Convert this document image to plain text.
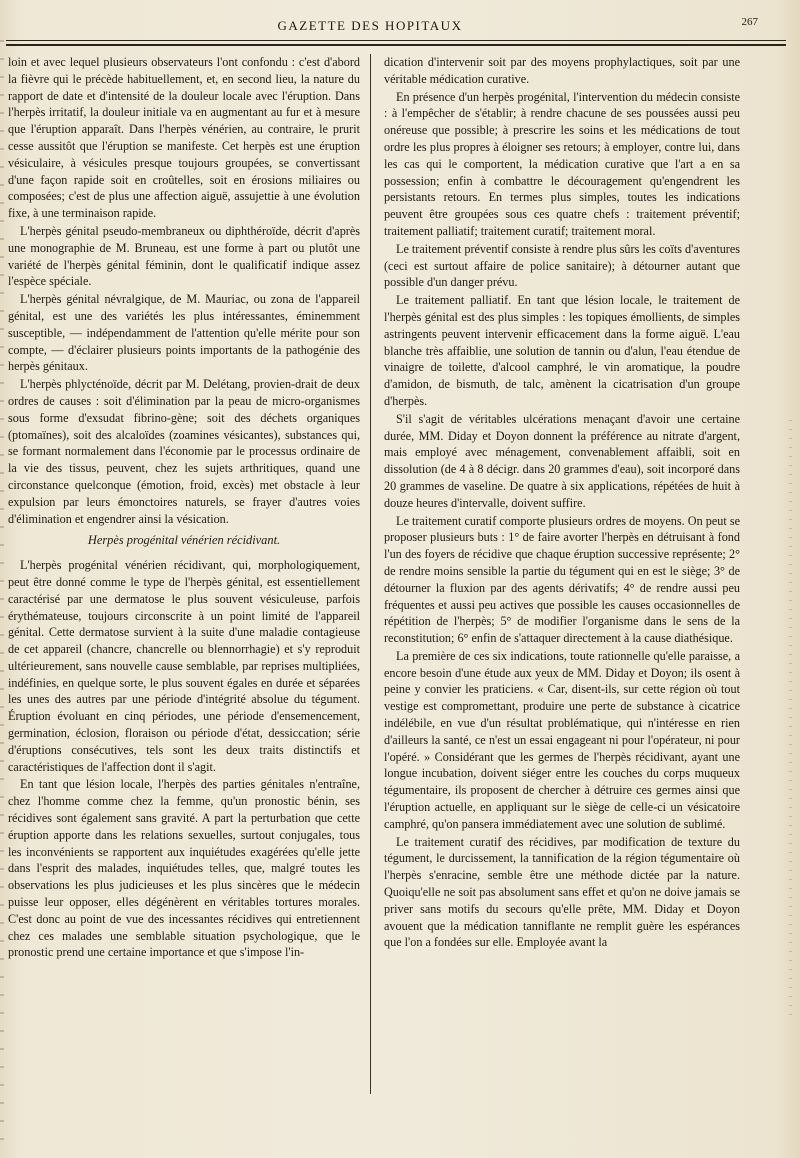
GAZETTE DES HOPITAUX	267

loin et avec lequel plusieurs observateurs l'ont confondu : c'est d'abord la fièvre qui le précède habituellement, et, en second lieu, la nature du rapport de date et d'intensité de la douleur locale avec l'éruption. Dans l'herpès irritatif, la douleur initiale va en augmentant au fur et à mesure que l'éruption apparaît. Dans l'herpès vénérien, au contraire, le prurit cesse aussitôt que l'éruption se manifeste. Cet herpès est une éruption vésiculaire, à vésicules presque toujours groupées, se convertissant d'une façon rapide soit en croûtelles, soit en érosions miliaires ou composées; c'est de plus une affection aiguë, assujettie à une évolution fixe, à une terminaison rapide.

L'herpès génital pseudo-membraneux ou diphthéroïde, décrit d'après une monographie de M. Bruneau, est une forme à part ou plutôt une variété de l'herpès génital féminin, dont le qualificatif indique assez l'espèce spéciale.

L'herpès génital névralgique, de M. Mauriac, ou zona de l'appareil génital, est une des variétés les plus intéressantes, éminemment susceptible, — indépendamment de l'attention qu'elle mérite pour son compte, — d'éclairer plusieurs points importants de la pathogénie des herpès génitaux.

L'herpès phlycténoïde, décrit par M. Delétang, provien-drait de deux ordres de causes : soit d'élimination par la peau de micro-organismes sous forme d'exsudat fibrino-gène; soit des déchets organiques (ptomaïnes), soit des alcaloïdes (zoamines vésicantes), substances qui, se formant normalement dans l'économie par le processus ordinaire de la vie des tissus, peuvent, chez les sujets arthritiques, quand une circonstance quelconque (émotion, froid, excès) met obstacle à leur expulsion par leurs émonctoires naturels, se frayer d'autres voies d'élimination et engendrer ainsi la vésication.

Herpès progénital vénérien récidivant.

L'herpès progénital vénérien récidivant, qui, morphologiquement, peut être donné comme le type de l'herpès génital, est essentiellement caractérisé par une dermatose le plus souvent vésiculeuse, parfois érythémateuse, toujours circonscrite à un point limité de l'appareil génital. Cette dermatose survient à la suite d'une maladie contagieuse de cet appareil (chancre, chancrelle ou blennorrhagie) et s'y reproduit ultérieurement, sans nouvelle cause semblable, par reprises multipliées, indéfinies, en quelque sorte, le plus souvent égales en durée et séparées les unes des autres par une période d'intégrité absolue du tégument. Éruption évoluant en cinq périodes, une période d'ensemencement, germination, éclosion, floraison ou période d'état, dessiccation; série d'éruptions consécutives, tels sont les deux traits distinctifs et caractéristiques de l'affection dont il s'agit.

En tant que lésion locale, l'herpès des parties génitales n'entraîne, chez l'homme comme chez la femme, qu'un pronostic bénin, ses récidives sont également sans gravité. A part la perturbation que cette éruption apporte dans les relations sexuelles, surtout conjugales, tous les inconvénients se rapportent aux inquiétudes exagérées qu'elle jette dans l'esprit des malades, inquiétudes telles, que, malgré toutes les observations les plus judicieuses et les plus sincères que le médecin puisse leur opposer, elles dégénèrent en véritables tortures morales. C'est donc au point de vue des incessantes récidives qui entretiennent chez ces malades une semblable situation psychologique, que le pronostic prend une certaine importance et que s'impose l'in-

dication d'intervenir soit par des moyens prophylactiques, soit par une véritable médication curative.

En présence d'un herpès progénital, l'intervention du médecin consiste : à l'empêcher de s'établir; à rendre chacune de ses poussées aussi peu onéreuse que possible; à prescrire les soins et les médications de tout ordre les plus propres à éloigner ses retours; à employer, contre lui, dans les cas qui le comportent, la médication curative que l'art a en sa possession; enfin à combattre le découragement qu'engendrent les persistants retours. En termes plus simples, toutes les indications peuvent être groupées sous ces quatre chefs : traitement préventif; traitement palliatif; traitement curatif; traitement moral.

Le traitement préventif consiste à rendre plus sûrs les coïts d'aventures (ceci est surtout affaire de police sanitaire); à détourner autant que possible d'un danger prévu.

Le traitement palliatif. En tant que lésion locale, le traitement de l'herpès génital est des plus simples : les topiques émollients, de simples astringents peuvent intervenir efficacement dans la forme aiguë. L'eau blanche très affaiblie, une solution de tannin ou d'alun, l'eau étendue de vinaigre de toilette, d'alcool camphré, le vin aromatique, la poudre d'amidon, de bismuth, de talc, amènent la cicatrisation d'un groupe d'herpès.

S'il s'agit de véritables ulcérations menaçant d'avoir une certaine durée, MM. Diday et Doyon donnent la préférence au nitrate d'argent, mais employé avec ménagement, convenablement affaibli, soit en dissolution (de 4 à 8 décigr. dans 20 grammes d'eau), soit incorporé dans 20 grammes de vaseline. De quatre à six applications, répétées de huit à douze heures d'intervalle, doivent suffire.

Le traitement curatif comporte plusieurs ordres de moyens. On peut se proposer plusieurs buts : 1° de faire avorter l'herpès en détruisant à fond l'un des foyers de récidive que chaque éruption successive représente; 2° de rendre moins sensible la partie du tégument qui en est le siège; 3° de détourner la fluxion par des agents dérivatifs; 4° de rendre aussi peu fréquentes et aussi peu actives que possible les causes occasionnelles de répétition de l'herpès; 5° de modifier l'organisme dans le sens de la reconstitution; 6° enfin de s'attaquer directement à la cause diathésique.

La première de ces six indications, toute rationnelle qu'elle paraisse, a encore besoin d'une étude aux yeux de MM. Diday et Doyon; ils osent à peine y convier les praticiens. « Car, disent-ils, sur cette région où tout vestige est compromettant, produire une perte de substance à cicatrice indélébile, en vue d'un résultat problématique, qui n'intéresse en rien d'ailleurs la santé, ce n'est un essai engageant ni pour l'opérateur, ni pour l'opéré. » Considérant que les germes de l'herpès récidivant, ayant une longue incubation, doivent siéger entre les couches du corps muqueux tégumentaire, ils proposent de chercher à détruire ces germes ainsi que l'éruption actuelle, en appliquant sur le siège de celle-ci un vésicatoire camphré, qu'on pansera immédiatement avec une solution de sublimé.

Le traitement curatif des récidives, par modification de texture du tégument, le durcissement, la tannification de la région tégumentaire où l'herpès s'enracine, semble être une méthode dictée par la nature. Quoiqu'elle ne soit pas absolument sans effet et qu'on ne doive jamais se priver sans motifs du secours qu'elle prête, MM. Diday et Doyon avouent que la médication tanniflante ne remplit guère les espérances que l'on a fondées sur elle. Employée avant la
